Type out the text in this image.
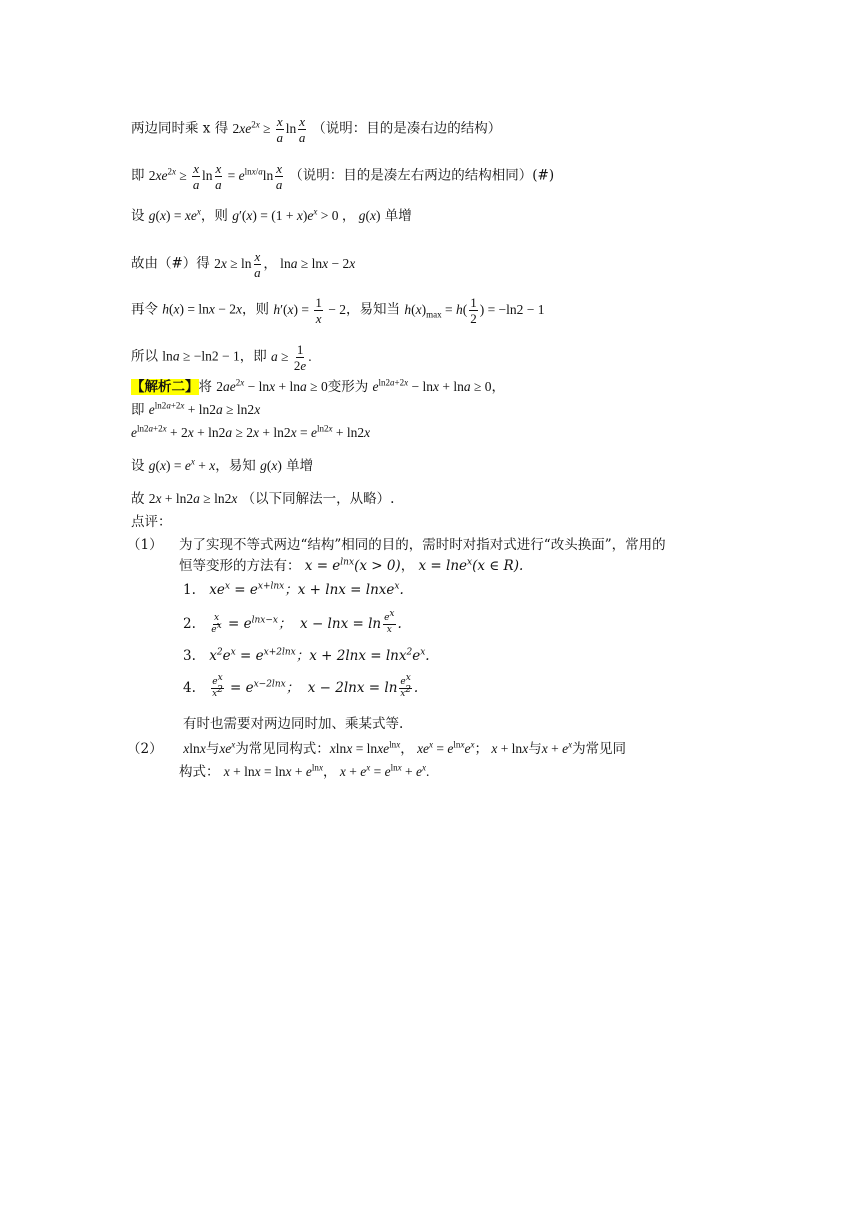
两边同时乘 x 得 $2xe^{2x} \ge \frac{x}{a}$ $\ln \frac{x}{a}$ （说明：目的是凑右边的结构）
即 $2xe^{2x} \ge \frac{x}{a}$ $\ln \frac{x}{a} = e^{lnx/a}\ln \frac{x}{a}$ （说明：目的是凑左右两边的结构相同）(#)
设 $g(x) = xe^x$，则 $g'(x) = (1 + x)e^x > 0$ ， g(x) 单增
故由（#）得 $2x \ge \ln \frac{x}{a}$ ， lna ≥ lnx − 2x
再令 h(x) = lnx − 2x，则 $h'(x) = \frac{1}{x} - 2$，易知当 $h(x)_{max} = h( \frac{1}{2}$ ) = −ln2 − 1
所以 lna ≥ −ln2 − 1，即 $a \ge \frac{1}{2e}$ .
【解析二】将 $2ae^{2x} - \ln x + \ln a \ge 0$变形为 $e^{ln2a+2x} - \ln x + \ln a \ge 0$，
即 $e^{ln2a+2x} + \ln 2a \ge \ln 2x$
$e^{ln2a+2x} + 2x + \ln 2a \ge 2x + \ln 2x = e^{ln2x} + \ln 2x$
设 $g(x) = e^x + x$，易知 g(x) 单增
故 2x + ln2a ≥ ln2x （以下同解法一，从略）.
点评：
（1） 为了实现不等式两边“结构”相同的目的，需时时对指对式进行“改头换面”，常用的
恒等变形的方法有： $x = e^{lnx}(x > 0)$， x = lne$^x$(x ∈ R).
1. $xe^x = e^{x+lnx}$；x + lnx = lnxe$^x$.
2. $\frac{x}{e^x} = e^{lnx-x}$；  $x - \ln x = \ln \frac{e^x}{x}$ .
3. $x^2e^x = e^{x+2lnx}$；$x + 2\ln x = \ln x^2e^x$.
4. $\frac{e^x}{x^2} = e^{x-2lnx}$；  $x - 2\ln x = \ln \frac{e^x}{x^2}$ .
有时也需要对两边同时加、乘某式等.
（2） xlnx与$xe^x$为常见同构式：xlnx = lnxe$^{lnx}$， $xe^x = e^{lnx}e^x$； x + lnx与$x + e^x$为常见同
构式： $x + \ln x = \ln x + e^{lnx}$， $x + e^x = e^{lnx} + e^x$.
